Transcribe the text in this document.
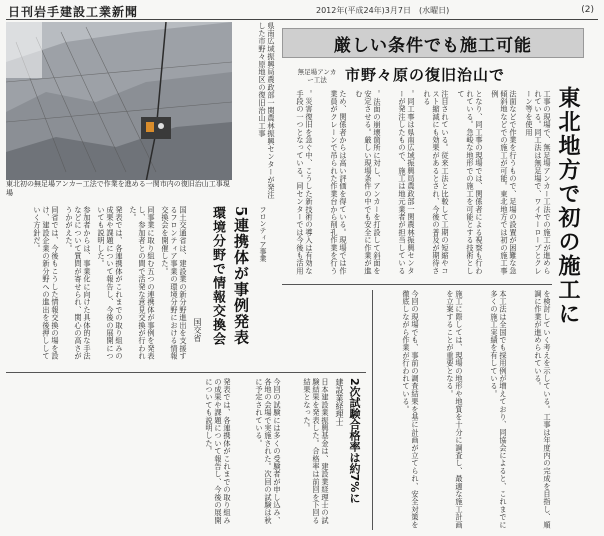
日刊岩手建設工業新聞	2012年(平成24年)3月7日　(水曜日)	(2)
東北初の無足場アンカー工法で作業を進める一関市内の復旧治山工事現場	県南広域振興局農政部一関農林振興センターが発注した市野々原地区の復旧治山工事	厳しい条件でも施工可能
無足場アンカー工法	市野々原の復旧治山で
東北地方で初の施工に
工事の現場で、無足場アンカー工法での施工が進められている。同工法は無足場で、ワイヤーロープとクレーン等を使用
法面などで作業を行うもので、足場の設置が困難な急傾斜地などでの施工が可能。東北地方では初の施工事例
となり、同工事の現場では、関係者による視察も行われている。急峻な地形での施工を可能とする技術として
注目されている。従来工法と比較して工期の短縮やコスト縮減にも効果があるとされ、今後の普及が期待される
。同工事は県南広域振興局農政部一関農林振興センターが発注したもので、施工は地元業者が担当している
。法面の崩壊箇所に対し、アンカーを打設して斜面を安定させる。厳しい現場条件の中でも安全に作業が進む
ため、関係者からは高い評価を得ている。現場では作業員がクレーンで吊られた作業台から削孔作業を行う
。災害復旧を急ぐ中、こうした新技術の導入は有効な手段の一つとなっている。同センターでは今後も活用
を検討していく考えを示している。工事は年度内の完成を目指し、順調に作業が進められている。
本工法は全国でも採用例が増えており、同協会によると、これまでに多くの施工実績を有している。
施工に際しては、現場の地形や地質を十分に調査し、最適な施工計画を立案することが重要となる。
今回の現場でも、事前の調査結果を基に計画が立てられ、安全対策を徹底しながら作業が行われている。
フロンティア事業
5連携体が事例発表
環境分野で情報交換会
国交省
国土交通省は、建設業の新分野進出を支援するフロンティア事業の環境分野における情報交換会を開催した。
同事業に取り組む五つの連携体が事例を発表し、参加者との間で活発な意見交換が行われた。
発表では、各連携体がこれまでの取り組みの成果や課題について報告し、今後の展開についても説明した。
参加者からは、事業化に向けた具体的な手法などについて質問が寄せられ、関心の高さがうかがえた。
同省では、今後もこうした情報交換の場を設け、建設企業の新分野への進出を後押ししていく方針だ。
2次試験合格率は約7%に
建設業経理士
日本建設業振興基金は、建設業経理士の試験結果を発表した。合格率は前回を下回る結果となった。
今回の試験には多くの受験者が申し込み、各地の会場で実施された。次回の試験は秋に予定されている。
発表では、各連携体がこれまでの取り組みの成果や課題について報告し、今後の展開についても説明した。
